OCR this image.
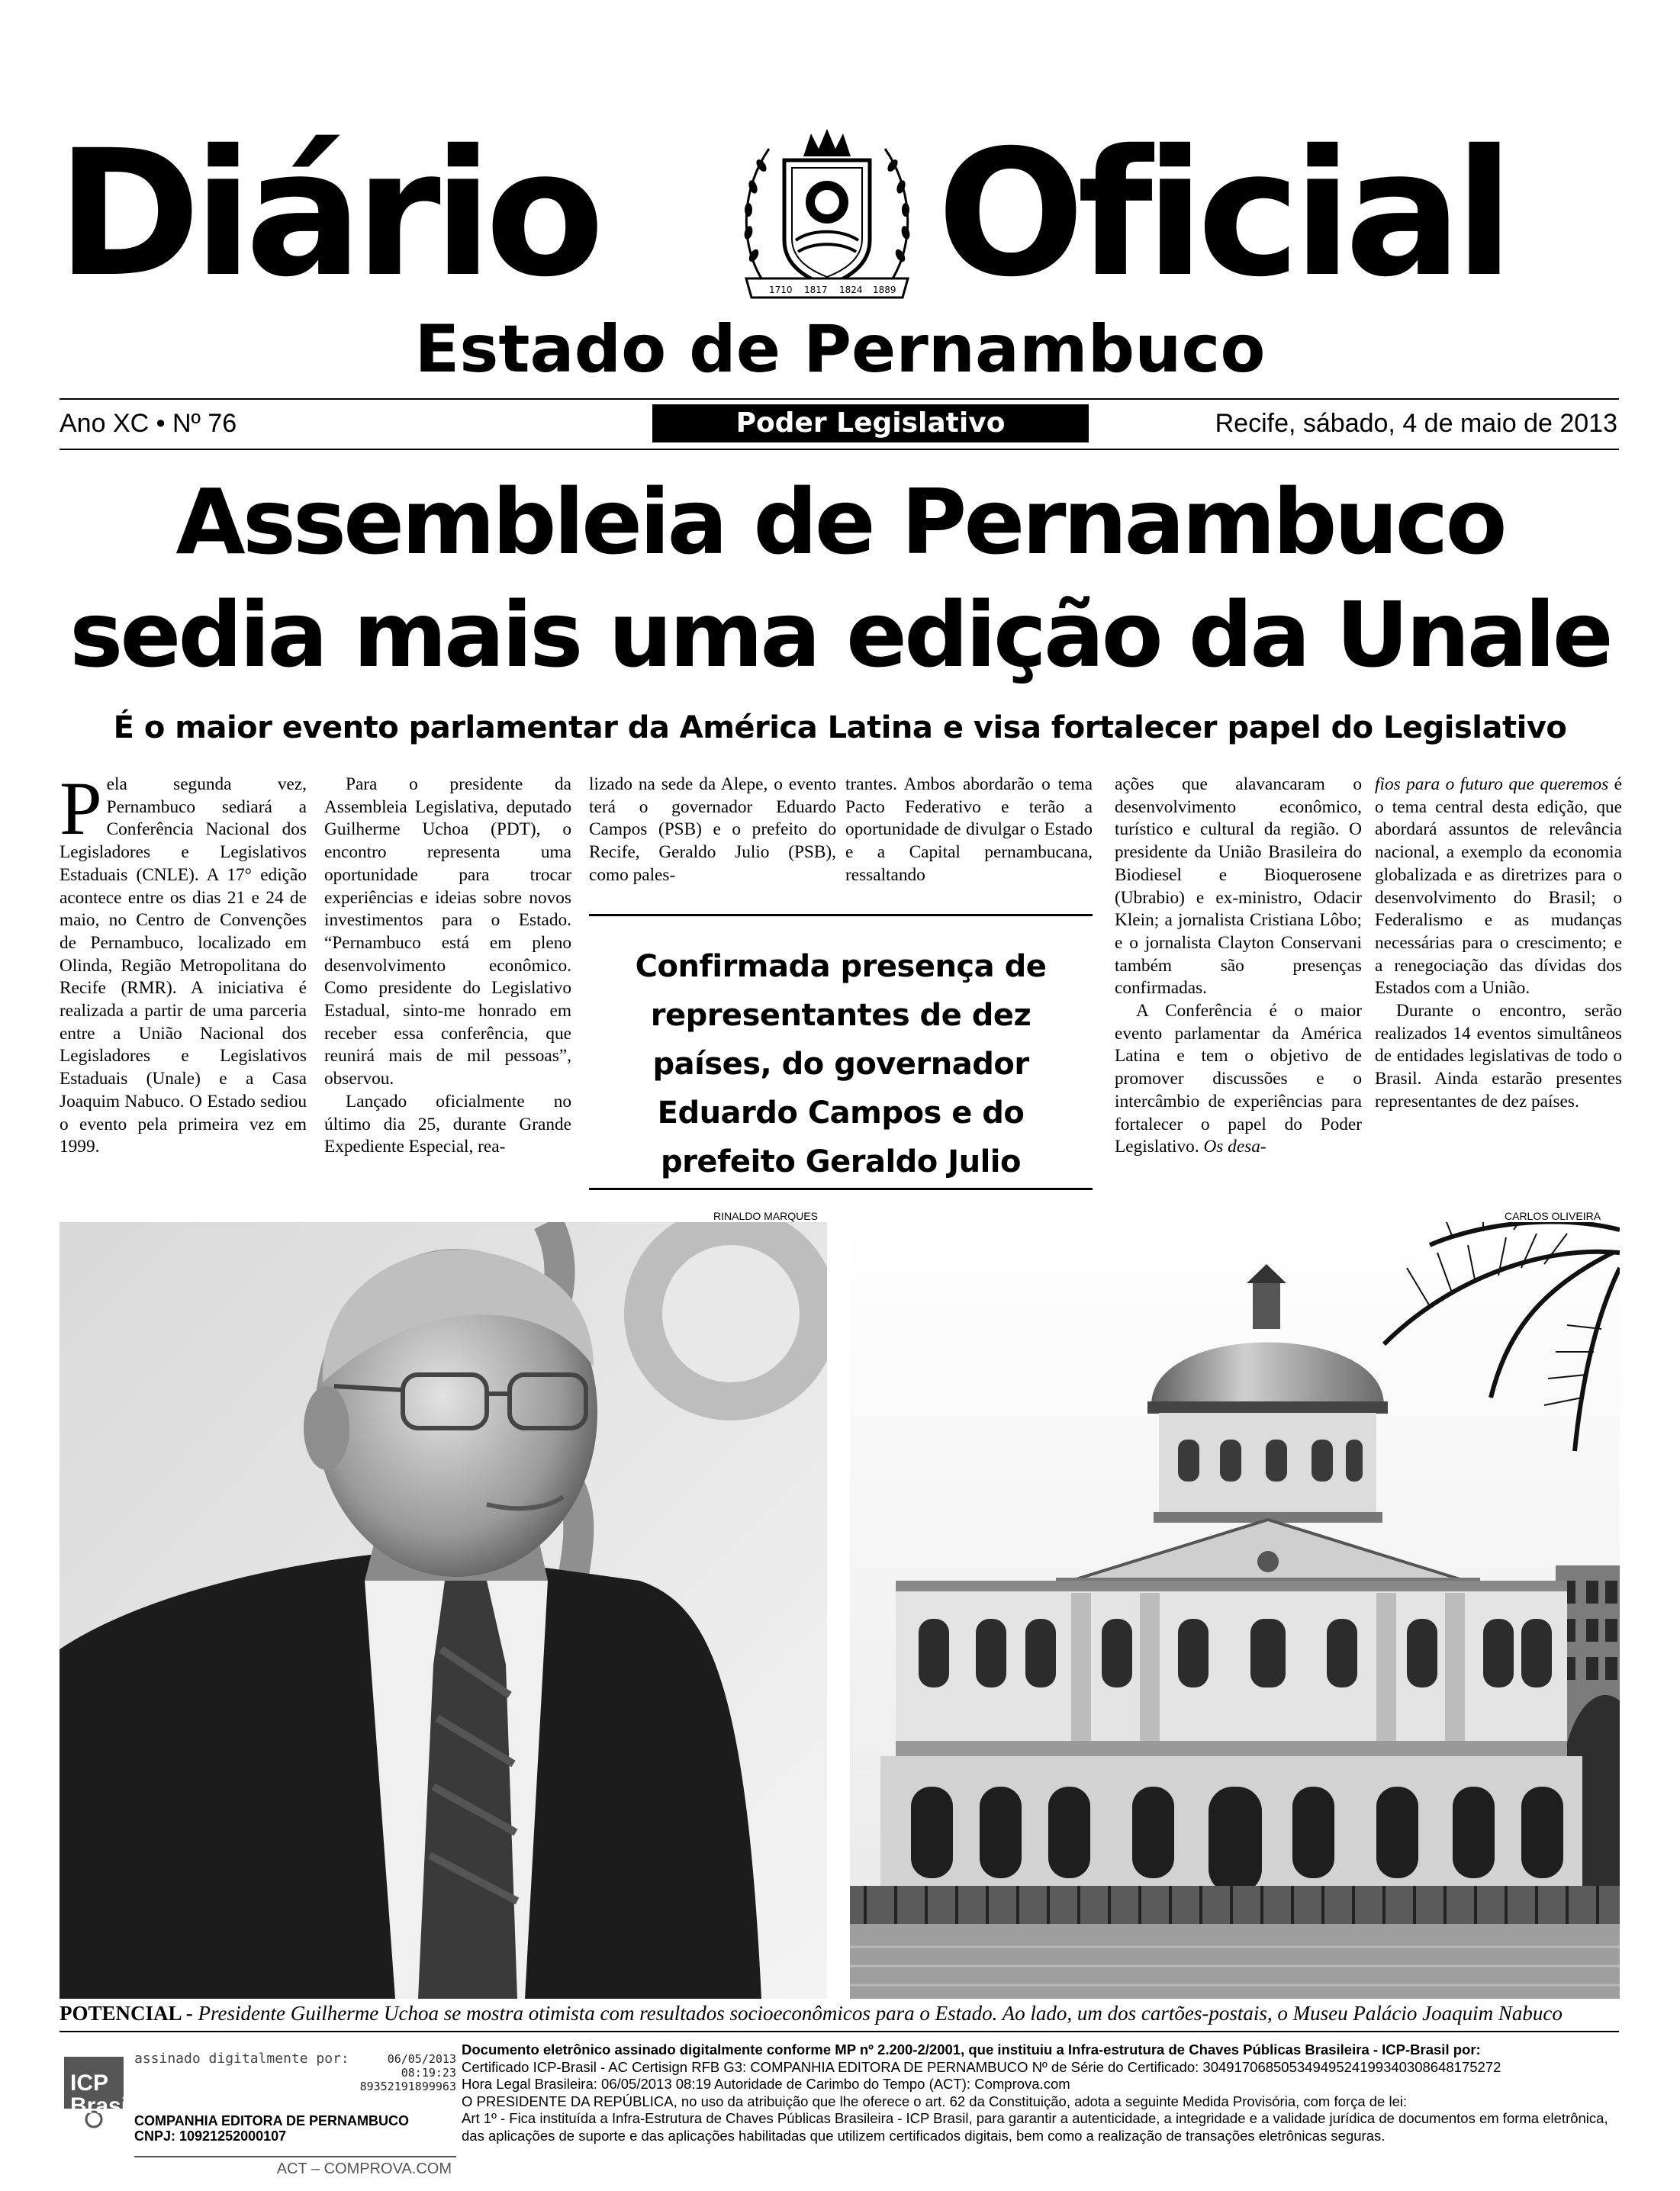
Diário	1710 1817 1824 1889 Oficial
Estado de Pernambuco
Ano XC • Nº 76	Poder Legislativo	Recife, sábado, 4 de maio de 2013
Assembleia de Pernambuco
sedia mais uma edição da Unale
É o maior evento parlamentar da América Latina e visa fortalecer papel do Legislativo
P ela segunda vez, Pernambuco sediará a Conferência Nacional dos Legisladores e Legislativos Estaduais (CNLE). A 17° edição acontece entre os dias 21 e 24 de maio, no Centro de Convenções de Pernambuco, localizado em Olinda, Região Metropolitana do Recife (RMR). A iniciativa é realizada a partir de uma parceria entre a União Nacional dos Legisladores e Legislativos Estaduais (Unale) e a Casa Joaquim Nabuco. O Estado sediou o evento pela primeira vez em 1999.

Para o presidente da Assembleia Legislativa, deputado Guilherme Uchoa (PDT), o encontro representa uma oportunidade para trocar experiências e ideias sobre novos investimentos para o Estado. “Pernambuco está em pleno desenvolvimento econômico. Como presidente do Legislativo Estadual, sinto-me honrado em receber essa conferência, que reunirá mais de mil pessoas”, observou.

Lançado oficialmente no último dia 25, durante Grande Expediente Especial, rea-

lizado na sede da Alepe, o evento terá o governador Eduardo Campos (PSB) e o prefeito do Recife, Geraldo Julio (PSB), como pales-

trantes. Ambos abordarão o tema Pacto Federativo e terão a oportunidade de divulgar o Estado e a Capital pernambucana, ressaltando

Confirmada presença de representantes de dez países, do governador Eduardo Campos e do prefeito Geraldo Julio

ações que alavancaram o desenvolvimento econômico, turístico e cultural da região. O presidente da União Brasileira do Biodiesel e Bioquerosene (Ubrabio) e ex-ministro, Odacir Klein; a jornalista Cristiana Lôbo; e o jornalista Clayton Conservani também são presenças confirmadas.

A Conferência é o maior evento parlamentar da América Latina e tem o objetivo de promover discussões e o intercâmbio de experiências para fortalecer o papel do Poder Legislativo. Os desa-

fios para o futuro que queremos é o tema central desta edição, que abordará assuntos de relevância nacional, a exemplo da economia globalizada e as diretrizes para o desenvolvimento do Brasil; o Federalismo e as mudanças necessárias para o crescimento; e a renegociação das dívidas dos Estados com a União.

Durante o encontro, serão realizados 14 eventos simultâneos de entidades legislativas de todo o Brasil. Ainda estarão presentes representantes de dez países.

RINALDO MARQUES	CARLOS OLIVEIRA
POTENCIAL - Presidente Guilherme Uchoa se mostra otimista com resultados socioeconômicos para o Estado. Ao lado, um dos cartões-postais, o Museu Palácio Joaquim Nabuco
ICP Brasil
assinado digitalmente por:	06/05/2013
08:19:23
89352191899963
COMPANHIA EDITORA DE PERNAMBUCO
CNPJ: 10921252000107
ACT – COMPROVA.COM
Documento eletrônico assinado digitalmente conforme MP nº 2.200-2/2001, que instituiu a Infra-estrutura de Chaves Públicas Brasileira - ICP-Brasil por:
Certificado ICP-Brasil - AC Certisign RFB G3: COMPANHIA EDITORA DE PERNAMBUCO Nº de Série do Certificado: 304917068505349495241993403086481752​72
Hora Legal Brasileira: 06/05/2013 08:19 Autoridade de Carimbo do Tempo (ACT): Comprova.com
O PRESIDENTE DA REPÚBLICA, no uso da atribuição que lhe oferece o art. 62 da Constituição, adota a seguinte Medida Provisória, com força de lei:
Art 1º - Fica instituída a Infra-Estrutura de Chaves Públicas Brasileira - ICP Brasil, para garantir a autenticidade, a integridade e a validade jurídica de documentos em forma eletrônica,
das aplicações de suporte e das aplicações habilitadas que utilizem certificados digitais, bem como a realização de transações eletrônicas seguras.
